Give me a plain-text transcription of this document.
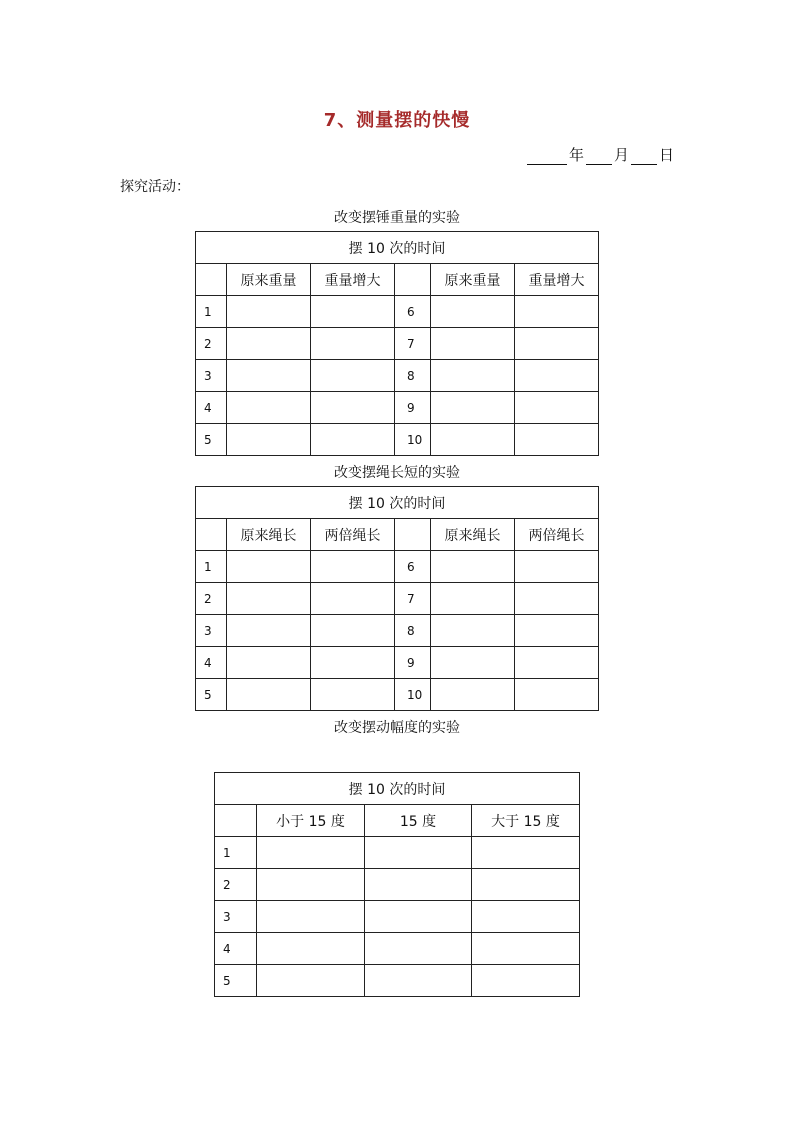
7、测量摆的快慢
年 月 日
探究活动：
改变摆锤重量的实验
摆 10 次的时间					
	原来重量	重量增大		原来重量	重量增大
1			6		
2			7		
3			8		
4			9		
5			10		
改变摆绳长短的实验
摆 10 次的时间					
	原来绳长	两倍绳长		原来绳长	两倍绳长
1			6		
2			7		
3			8		
4			9		
5			10		
改变摆动幅度的实验
摆 10 次的时间			
	小于 15 度	15 度	大于 15 度
1			
2			
3			
4			
5			
